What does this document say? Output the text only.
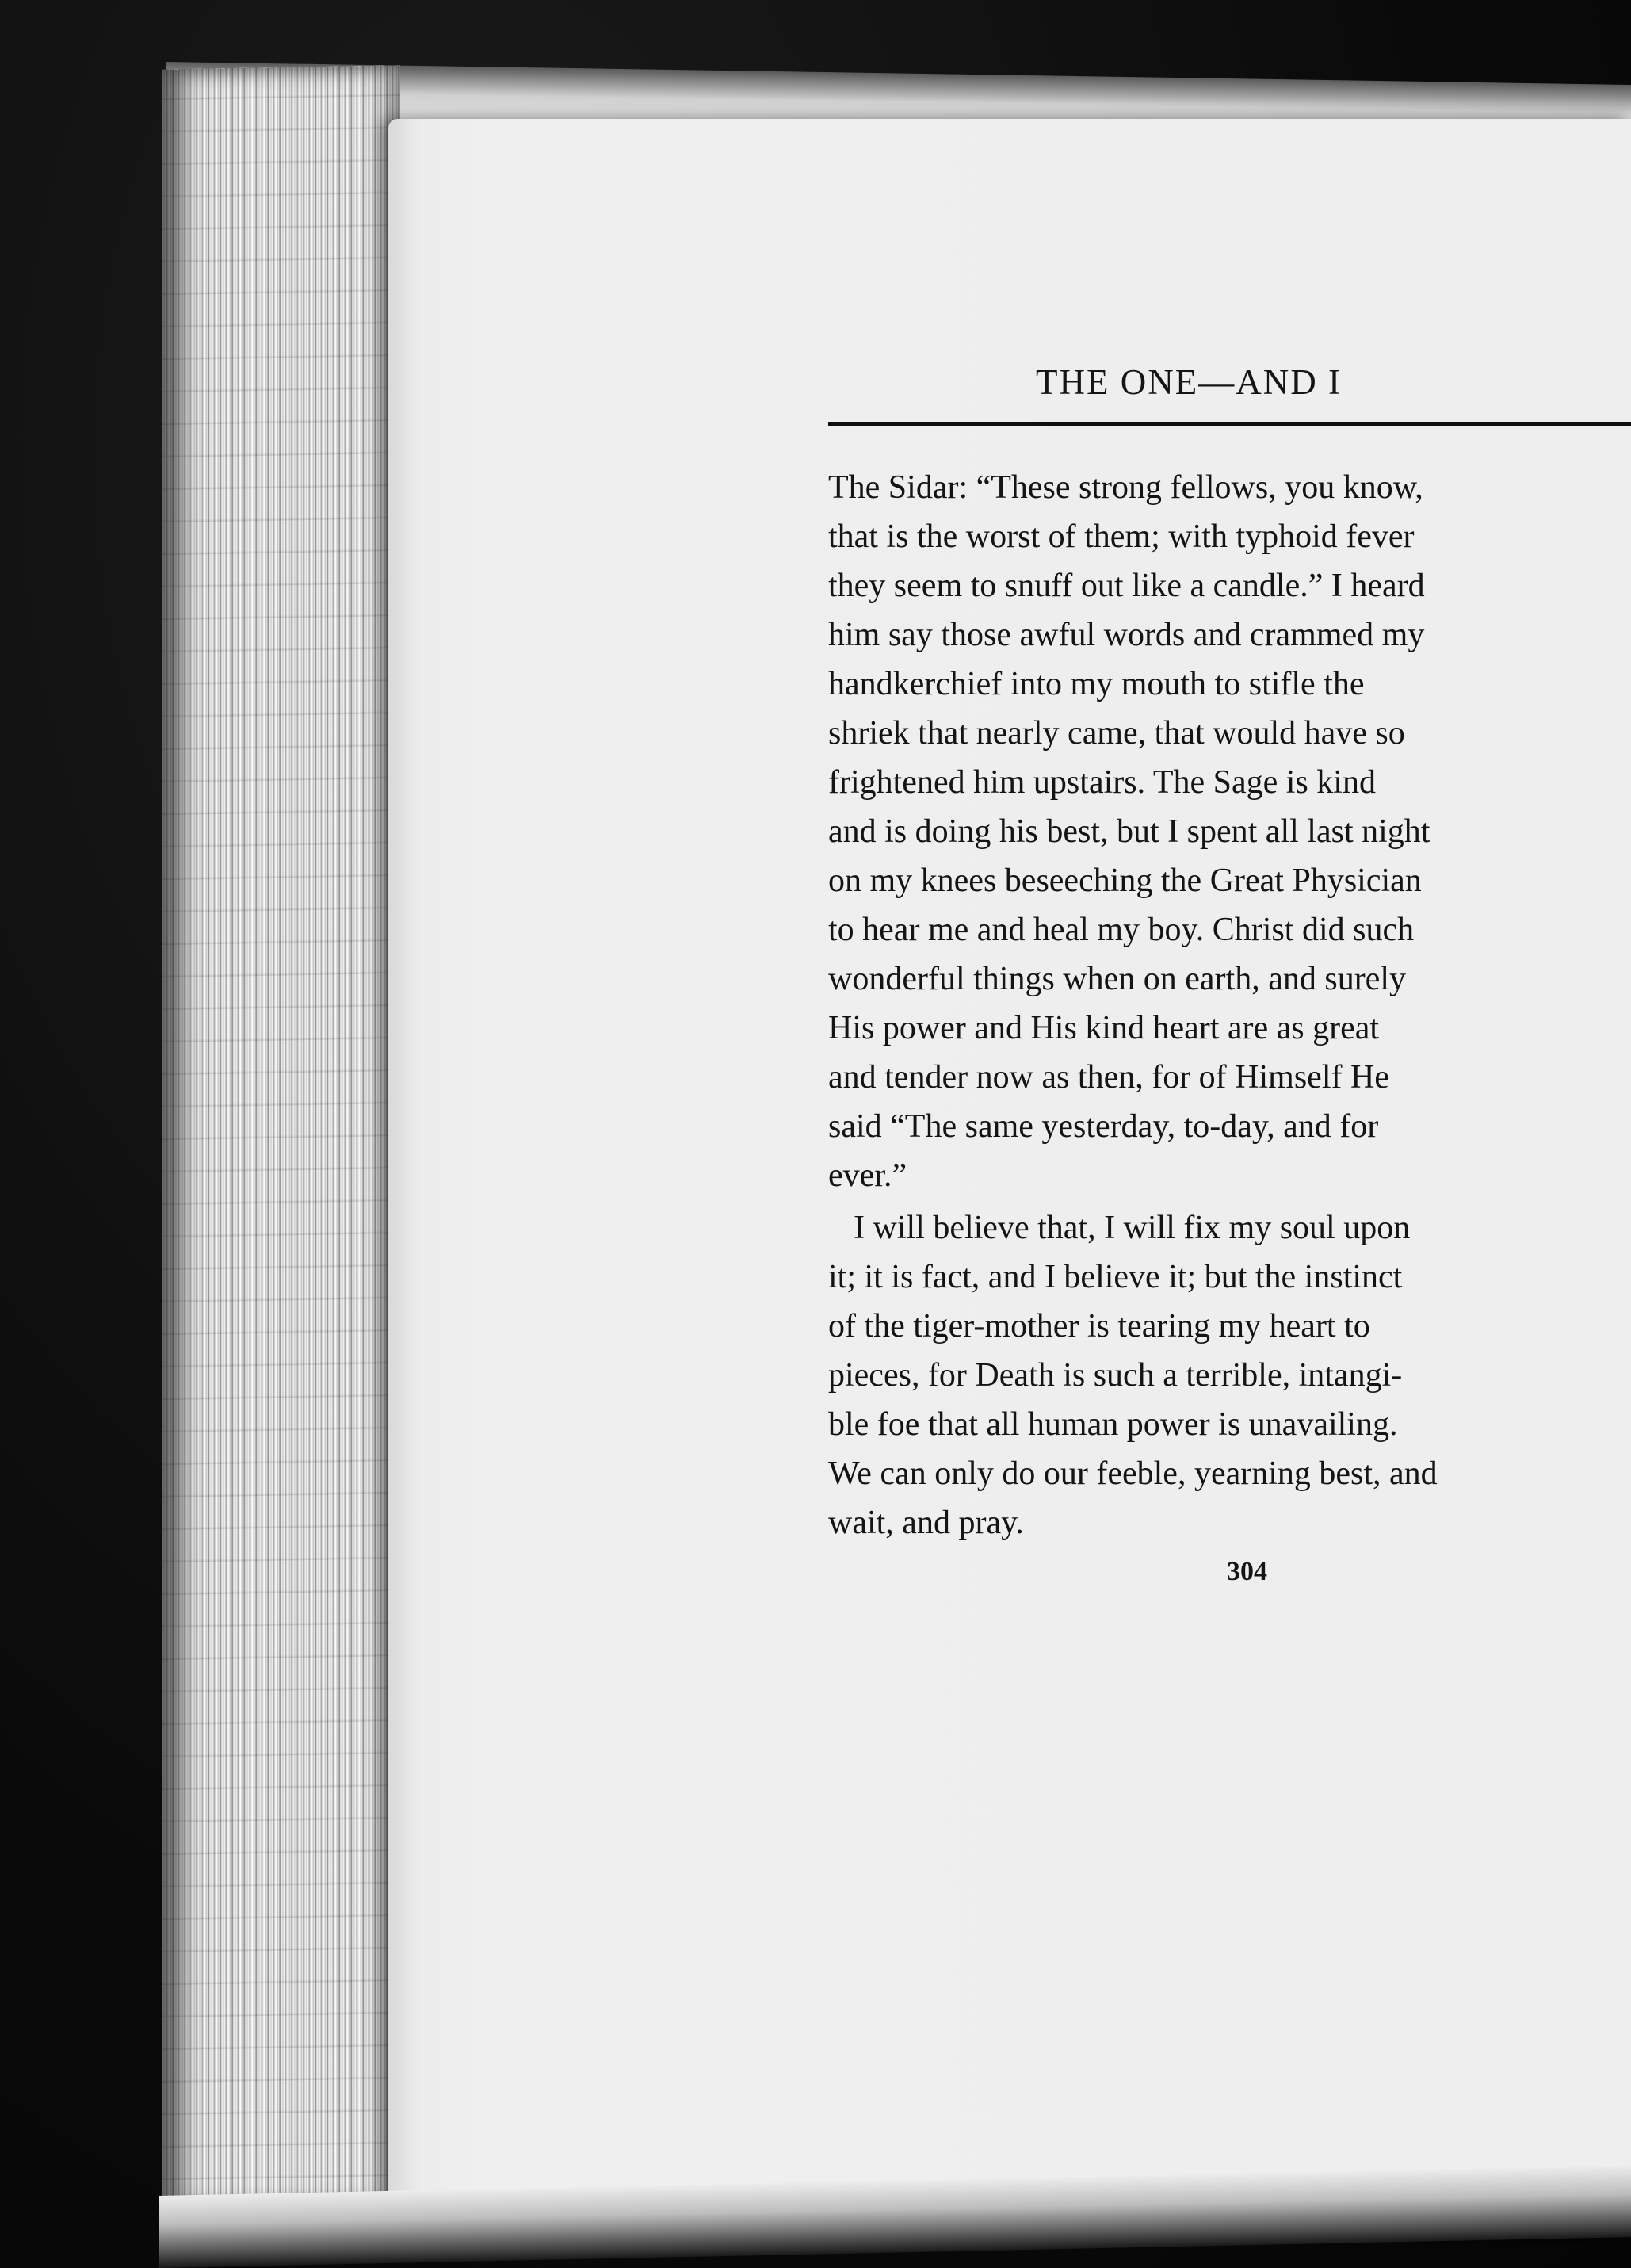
THE ONE—AND I
The Sidar: “These strong fellows, you know,
that is the worst of them; with typhoid fever
they seem to snuff out like a candle.” I heard
him say those awful words and crammed my
handkerchief into my mouth to stifle the
shriek that nearly came, that would have so
frightened him upstairs. The Sage is kind
and is doing his best, but I spent all last night
on my knees beseeching the Great Physician
to hear me and heal my boy. Christ did such
wonderful things when on earth, and surely
His power and His kind heart are as great
and tender now as then, for of Himself He
said “The same yesterday, to-day, and for
ever.”
I will believe that, I will fix my soul upon
it; it is fact, and I believe it; but the instinct
of the tiger-mother is tearing my heart to
pieces, for Death is such a terrible, intangi-
ble foe that all human power is unavailing.
We can only do our feeble, yearning best, and
wait, and pray.
304
